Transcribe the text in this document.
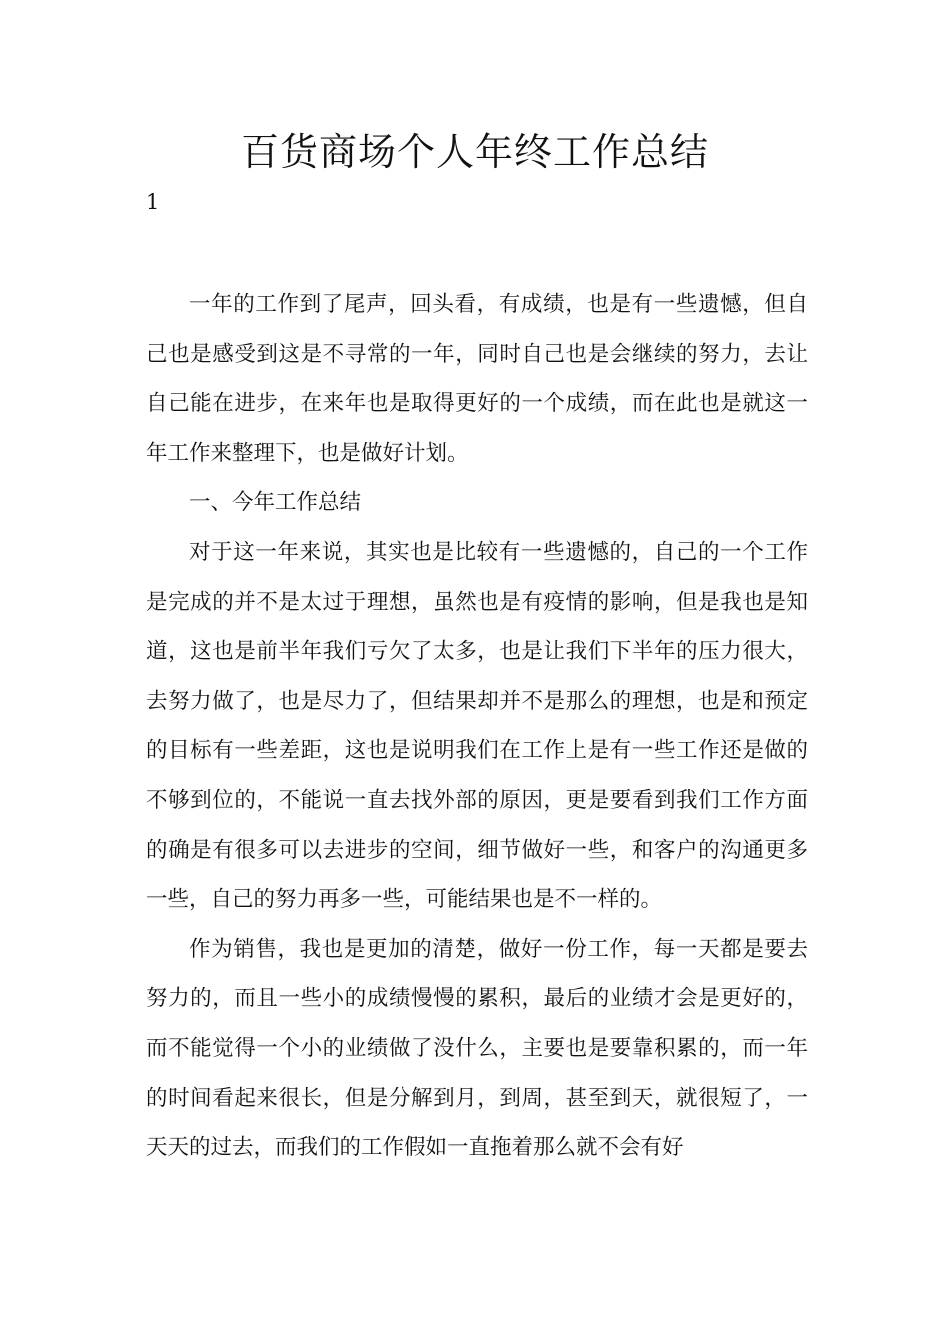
百货商场个人年终工作总结
1

一年的工作到了尾声，回头看，有成绩，也是有一些遗憾，但自己也是感受到这是不寻常的一年，同时自己也是会继续的努力，去让自己能在进步，在来年也是取得更好的一个成绩，而在此也是就这一年工作来整理下，也是做好计划。

一、今年工作总结

对于这一年来说，其实也是比较有一些遗憾的，自己的一个工作是完成的并不是太过于理想，虽然也是有疫情的影响，但是我也是知道，这也是前半年我们亏欠了太多，也是让我们下半年的压力很大，去努力做了，也是尽力了，但结果却并不是那么的理想，也是和预定的目标有一些差距，这也是说明我们在工作上是有一些工作还是做的不够到位的，不能说一直去找外部的原因，更是要看到我们工作方面的确是有很多可以去进步的空间，细节做好一些，和客户的沟通更多一些，自己的努力再多一些，可能结果也是不一样的。

作为销售，我也是更加的清楚，做好一份工作，每一天都是要去努力的，而且一些小的成绩慢慢的累积，最后的业绩才会是更好的，而不能觉得一个小的业绩做了没什么，主要也是要靠积累的，而一年的时间看起来很长，但是分解到月，到周，甚至到天，就很短了，一天天的过去，而我们的工作假如一直拖着那么就不会有好
